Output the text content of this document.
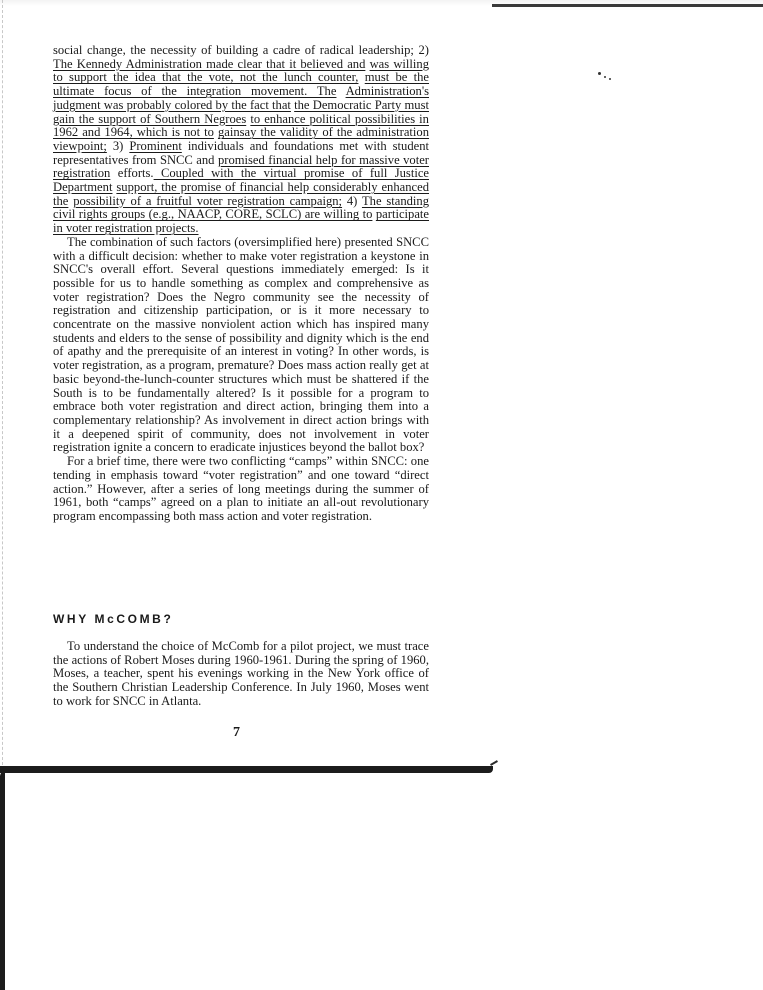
social change, the necessity of building a cadre of radical leadership; 2) The Kennedy Administration made clear that it believed and was willing to support the idea that the vote, not the lunch counter, must be the ultimate focus of the integration movement. The Administration's judgment was probably colored by the fact that the Democratic Party must gain the support of Southern Negroes to enhance political possibilities in 1962 and 1964, which is not to gainsay the validity of the administration viewpoint; 3) Prominent individuals and foundations met with student representatives from SNCC and promised financial help for massive voter registration efforts. Coupled with the virtual promise of full Justice Department support, the promise of financial help considerably enhanced the possibility of a fruitful voter registration campaign; 4) The standing civil rights groups (e.g., NAACP, CORE, SCLC) are willing to participate in voter registration projects.

The combination of such factors (oversimplified here) presented SNCC with a difficult decision: whether to make voter registration a keystone in SNCC's overall effort. Several questions immediately emerged: Is it possible for us to handle something as complex and comprehensive as voter registration? Does the Negro community see the necessity of registration and citizenship participation, or is it more necessary to concentrate on the massive nonviolent action which has inspired many students and elders to the sense of possibility and dignity which is the end of apathy and the prerequisite of an interest in voting? In other words, is voter registration, as a program, premature? Does mass action really get at basic beyond-the-lunch-counter structures which must be shattered if the South is to be fundamentally altered? Is it possible for a program to embrace both voter registration and direct action, bringing them into a complementary relationship? As involvement in direct action brings with it a deepened spirit of community, does not involvement in voter registration ignite a concern to eradicate injustices beyond the ballot box?

For a brief time, there were two conflicting “camps” within SNCC: one tending in emphasis toward “voter registration” and one toward “direct action.” However, after a series of long meetings during the summer of 1961, both “camps” agreed on a plan to initiate an all-out revolutionary program encompassing both mass action and voter registration.

WHY McCOMB?

To understand the choice of McComb for a pilot project, we must trace the actions of Robert Moses during 1960-1961. During the spring of 1960, Moses, a teacher, spent his evenings working in the New York office of the Southern Christian Leadership Conference. In July 1960, Moses went to work for SNCC in Atlanta.

7
